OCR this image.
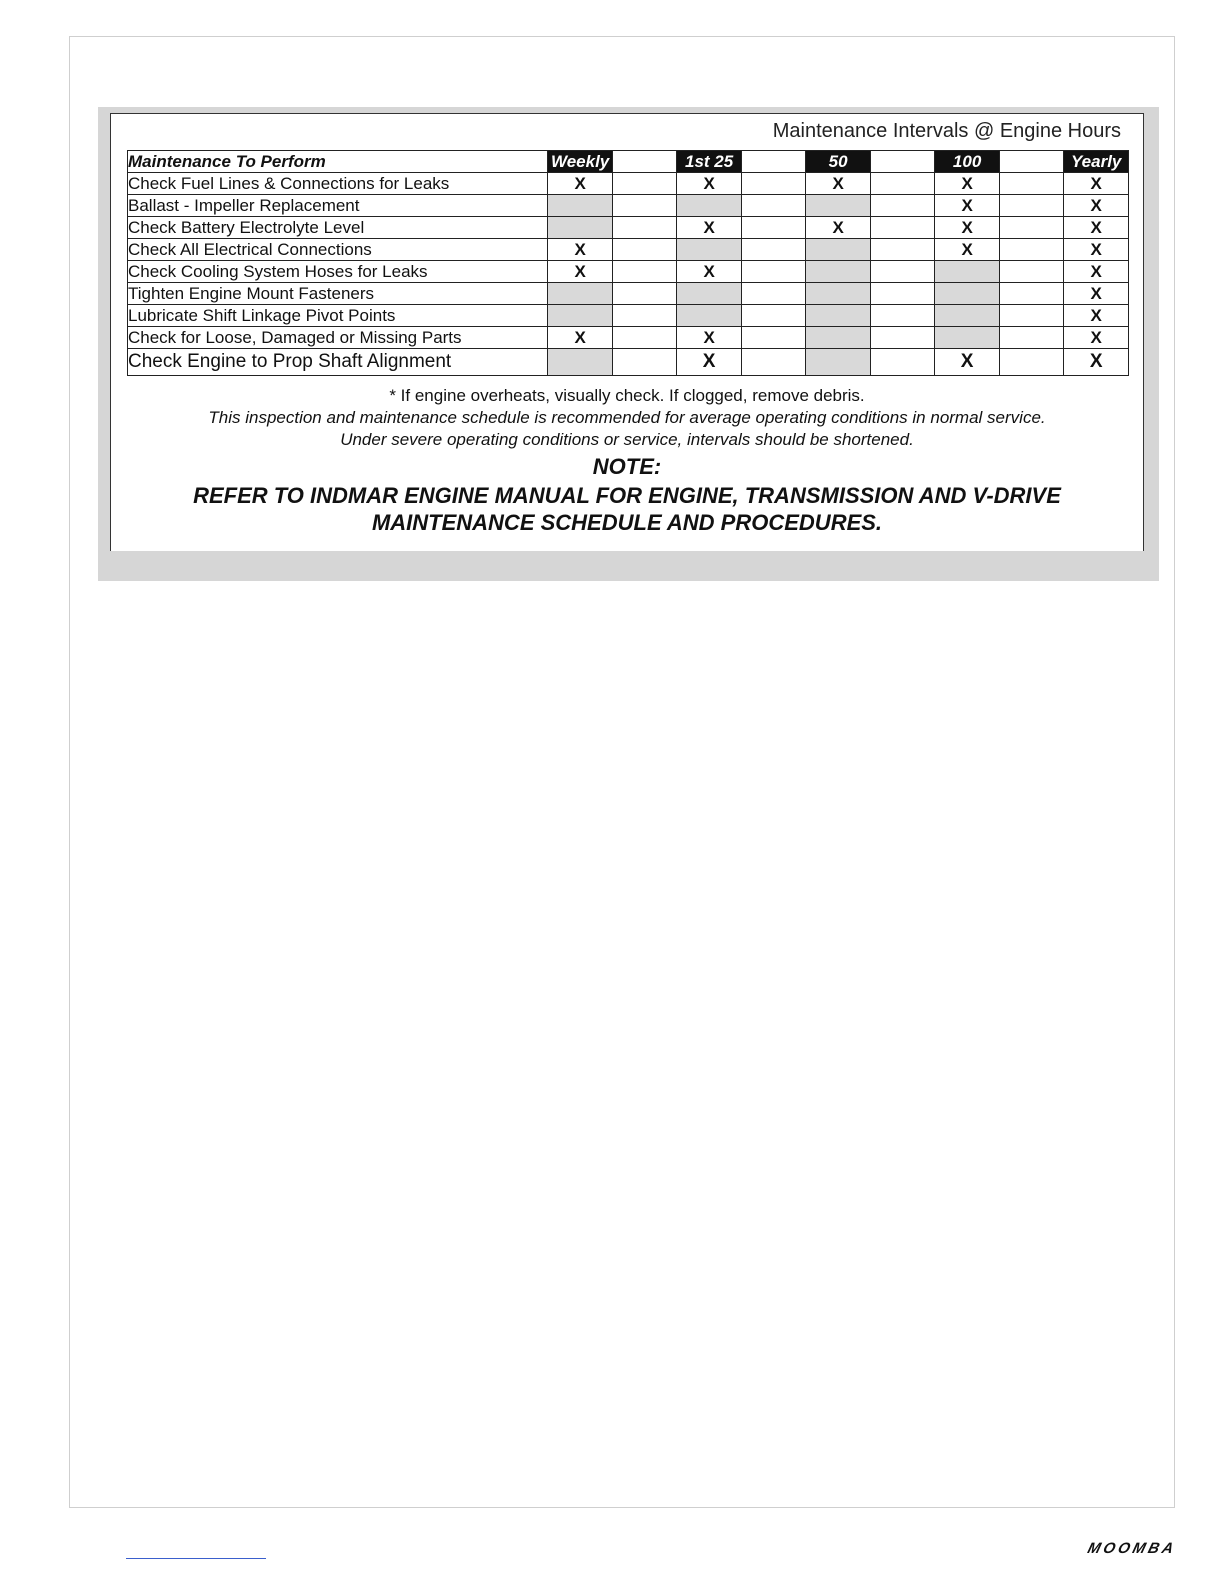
Maintenance Intervals @ Engine Hours
Maintenance To Perform	Weekly		1st 25		50		100		Yearly
Check Fuel Lines & Connections for Leaks	X		X		X		X		X
Ballast - Impeller Replacement							X		X
Check Battery Electrolyte Level			X		X		X		X
Check All Electrical Connections	X						X		X
Check Cooling System Hoses for Leaks	X		X						X
Tighten Engine Mount Fasteners									X
Lubricate Shift Linkage Pivot Points									X
Check for Loose, Damaged or Missing Parts	X		X						X
Check Engine to Prop Shaft Alignment			X				X		X
* If engine overheats, visually check. If clogged, remove debris.
This inspection and maintenance schedule is recommended for average operating conditions in normal service.
Under severe operating conditions or service, intervals should be shortened.
NOTE:
REFER TO INDMAR ENGINE MANUAL FOR ENGINE, TRANSMISSION AND V-DRIVE
MAINTENANCE SCHEDULE AND PROCEDURES.
MOOMBA
